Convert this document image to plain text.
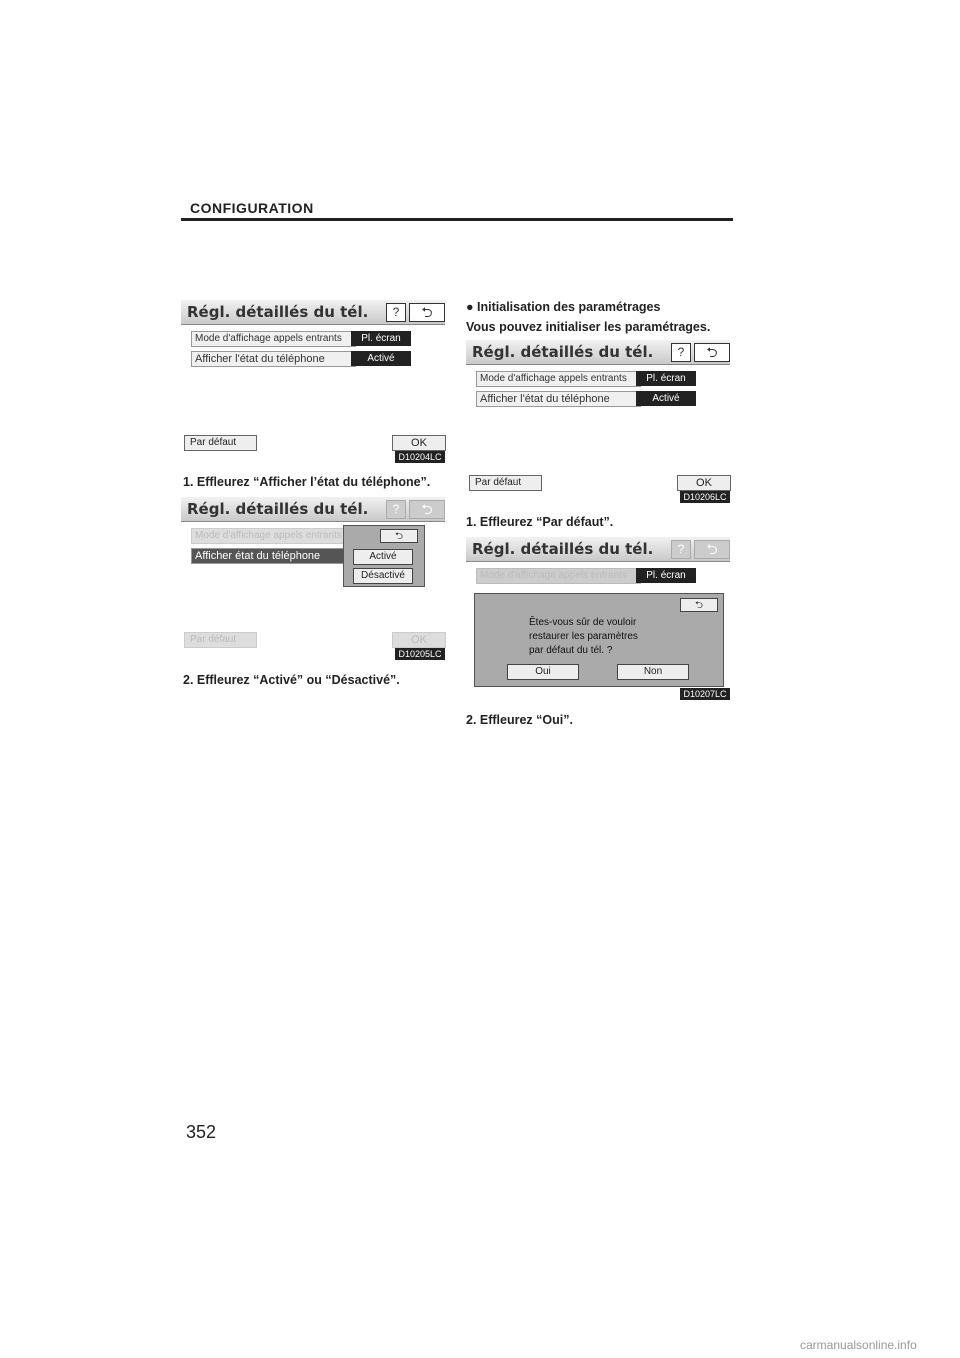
CONFIGURATION
Régl. détaillés du tél.	?	⮌
Mode d'affichage appels entrants	Pl. écran
Afficher l'état du téléphone	Activé
Par défaut	OK
D10204LC
1. Effleurez “Afficher l’état du téléphone”.
Régl. détaillés du tél.	?	⮌
Mode d'affichage appels entrants
Afficher état du téléphone
⮌
Activé
Désactivé
Par défaut	OK
D10205LC
2. Effleurez “Activé” ou “Désactivé”.
● Initialisation des paramétrages
Vous pouvez initialiser les paramétrages.
Régl. détaillés du tél.	?	⮌
Mode d'affichage appels entrants	Pl. écran
Afficher l'état du téléphone	Activé
Par défaut	OK
D10206LC
1. Effleurez “Par défaut”.
Régl. détaillés du tél.	?	⮌
Mode d'affichage appels entrants	Pl. écran
⮌
Êtes-vous sûr de vouloir
restaurer les paramètres
par défaut du tél. ?
Oui	Non
D10207LC
2. Effleurez “Oui”.
352
carmanualsonline.info
